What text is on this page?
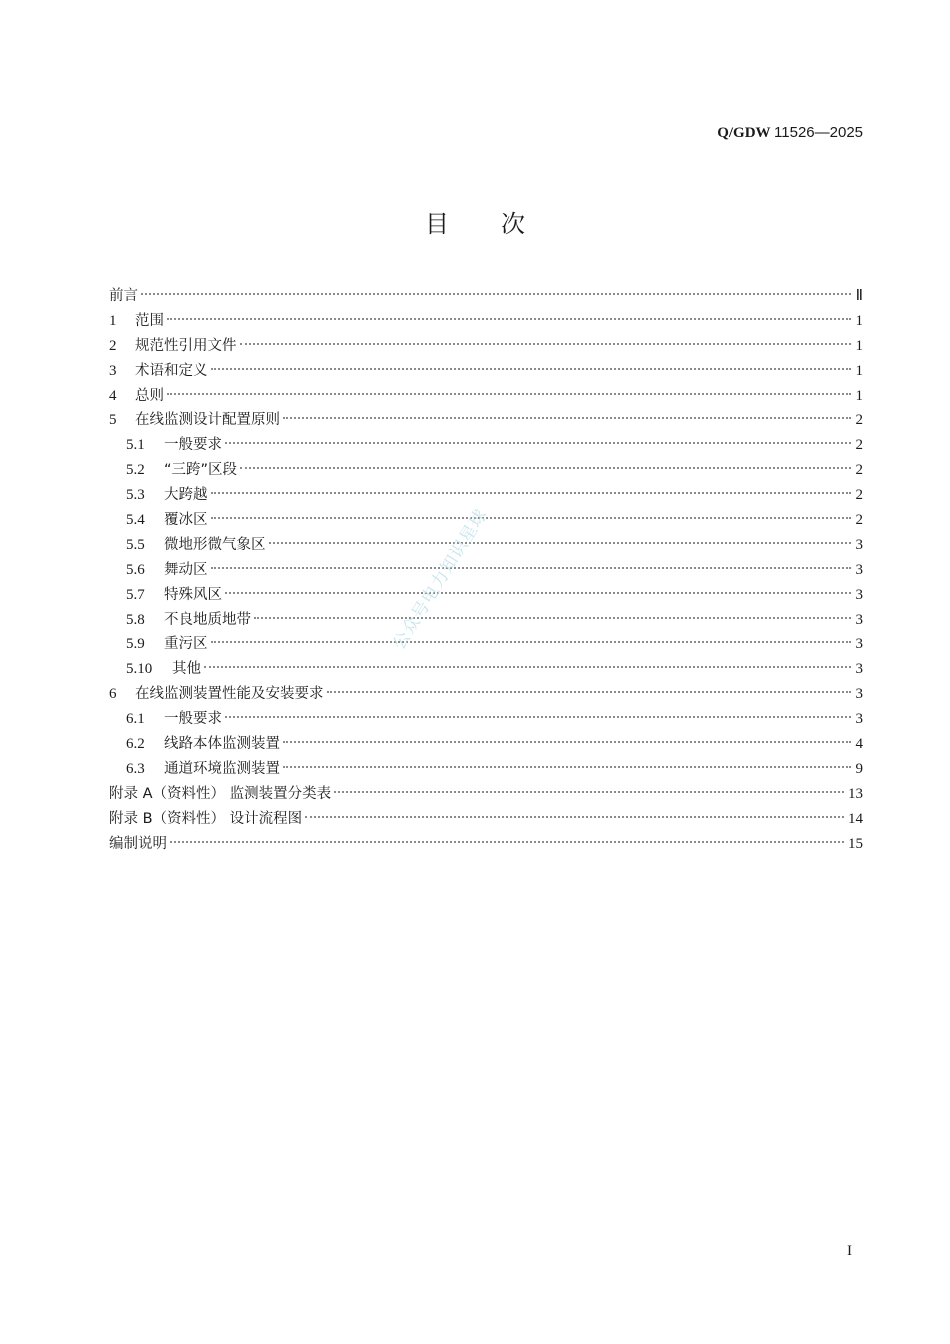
Q/GDW 11526—2025
目 次
前言	Ⅱ
1	范围	1
2	规范性引用文件	1
3	术语和定义	1
4	总则	1
5	在线监测设计配置原则	2
5.1	一般要求	2
5.2	“三跨”区段	2
5.3	大跨越	2
5.4	覆冰区	2
5.5	微地形微气象区	3
5.6	舞动区	3
5.7	特殊风区	3
5.8	不良地质地带	3
5.9	重污区	3
5.10	其他	3
6	在线监测装置性能及安装要求	3
6.1	一般要求	3
6.2	线路本体监测装置	4
6.3	通道环境监测装置	9
附录 A（资料性） 监测装置分类表	13
附录 B（资料性） 设计流程图	14
编制说明	15
公众号电力知识星球
I
